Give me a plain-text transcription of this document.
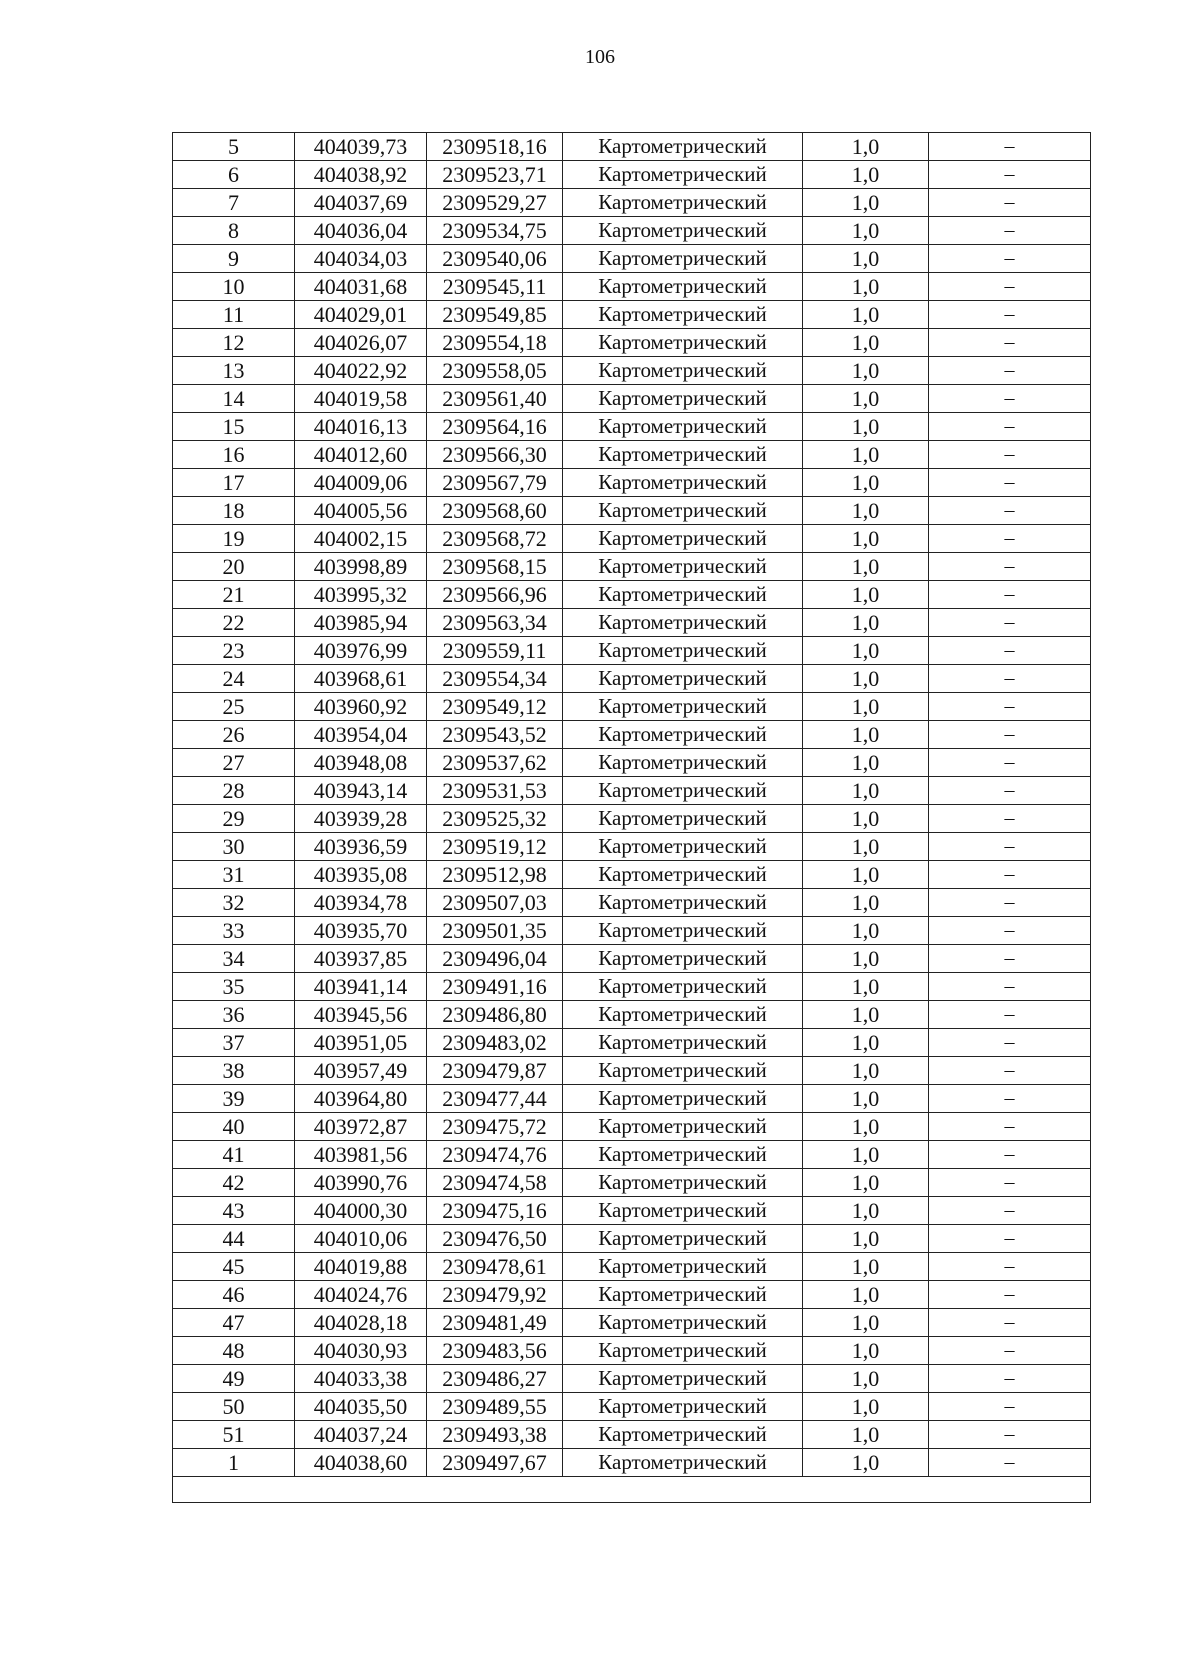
106
5	404039,73	2309518,16	Картометрический	1,0	–
6	404038,92	2309523,71	Картометрический	1,0	–
7	404037,69	2309529,27	Картометрический	1,0	–
8	404036,04	2309534,75	Картометрический	1,0	–
9	404034,03	2309540,06	Картометрический	1,0	–
10	404031,68	2309545,11	Картометрический	1,0	–
11	404029,01	2309549,85	Картометрический	1,0	–
12	404026,07	2309554,18	Картометрический	1,0	–
13	404022,92	2309558,05	Картометрический	1,0	–
14	404019,58	2309561,40	Картометрический	1,0	–
15	404016,13	2309564,16	Картометрический	1,0	–
16	404012,60	2309566,30	Картометрический	1,0	–
17	404009,06	2309567,79	Картометрический	1,0	–
18	404005,56	2309568,60	Картометрический	1,0	–
19	404002,15	2309568,72	Картометрический	1,0	–
20	403998,89	2309568,15	Картометрический	1,0	–
21	403995,32	2309566,96	Картометрический	1,0	–
22	403985,94	2309563,34	Картометрический	1,0	–
23	403976,99	2309559,11	Картометрический	1,0	–
24	403968,61	2309554,34	Картометрический	1,0	–
25	403960,92	2309549,12	Картометрический	1,0	–
26	403954,04	2309543,52	Картометрический	1,0	–
27	403948,08	2309537,62	Картометрический	1,0	–
28	403943,14	2309531,53	Картометрический	1,0	–
29	403939,28	2309525,32	Картометрический	1,0	–
30	403936,59	2309519,12	Картометрический	1,0	–
31	403935,08	2309512,98	Картометрический	1,0	–
32	403934,78	2309507,03	Картометрический	1,0	–
33	403935,70	2309501,35	Картометрический	1,0	–
34	403937,85	2309496,04	Картометрический	1,0	–
35	403941,14	2309491,16	Картометрический	1,0	–
36	403945,56	2309486,80	Картометрический	1,0	–
37	403951,05	2309483,02	Картометрический	1,0	–
38	403957,49	2309479,87	Картометрический	1,0	–
39	403964,80	2309477,44	Картометрический	1,0	–
40	403972,87	2309475,72	Картометрический	1,0	–
41	403981,56	2309474,76	Картометрический	1,0	–
42	403990,76	2309474,58	Картометрический	1,0	–
43	404000,30	2309475,16	Картометрический	1,0	–
44	404010,06	2309476,50	Картометрический	1,0	–
45	404019,88	2309478,61	Картометрический	1,0	–
46	404024,76	2309479,92	Картометрический	1,0	–
47	404028,18	2309481,49	Картометрический	1,0	–
48	404030,93	2309483,56	Картометрический	1,0	–
49	404033,38	2309486,27	Картометрический	1,0	–
50	404035,50	2309489,55	Картометрический	1,0	–
51	404037,24	2309493,38	Картометрический	1,0	–
1	404038,60	2309497,67	Картометрический	1,0	–
